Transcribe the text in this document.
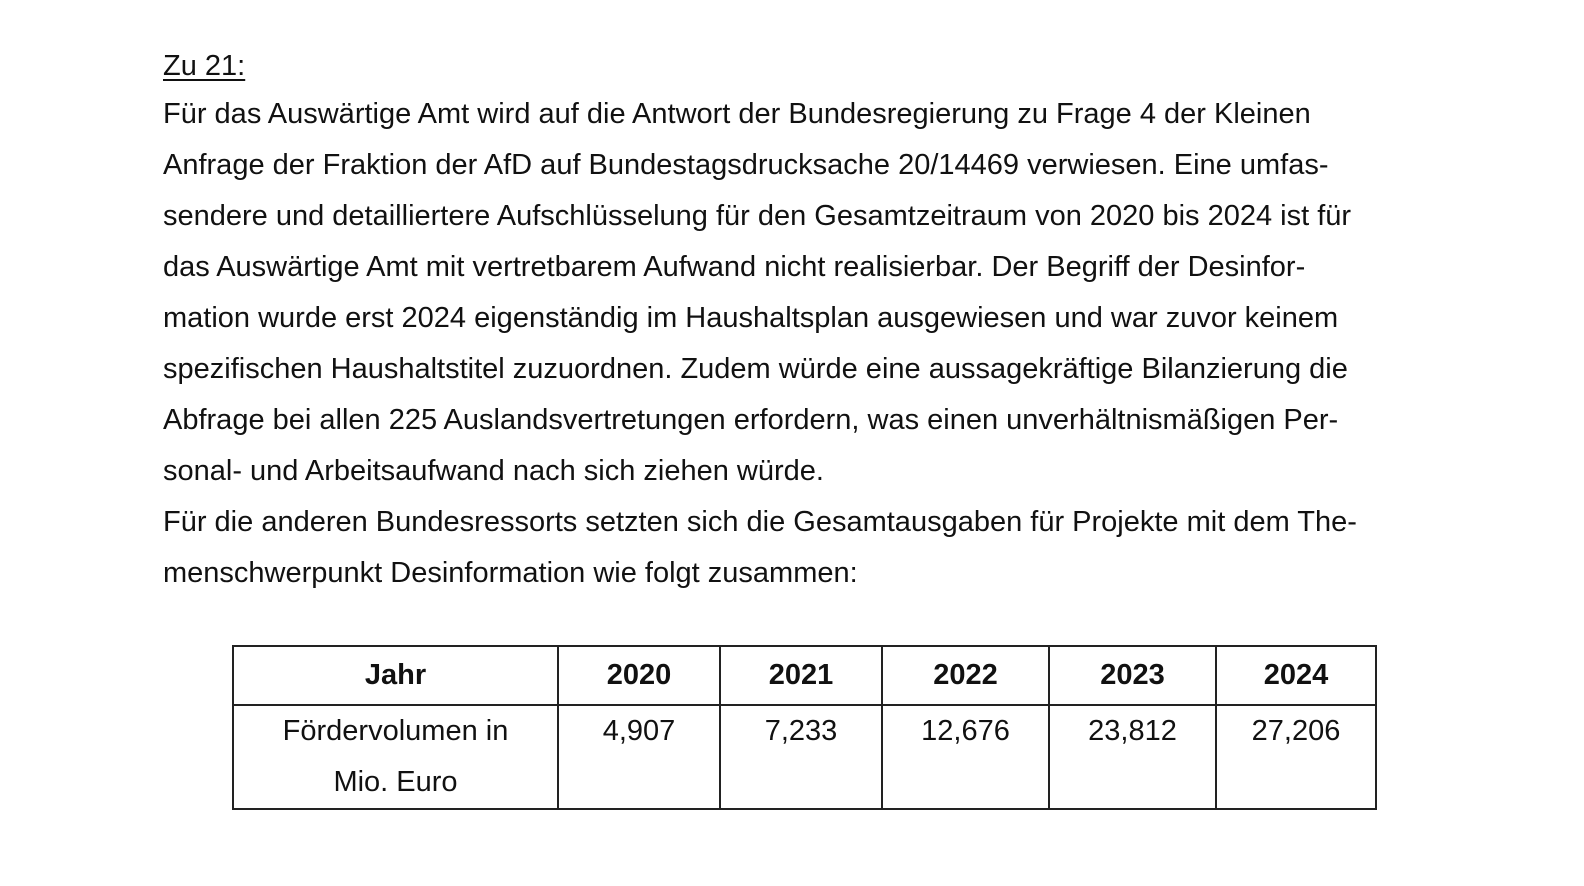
Zu 21:

Für das Auswärtige Amt wird auf die Antwort der Bundesregierung zu Frage 4 der Kleinen

Anfrage der Fraktion der AfD auf Bundestagsdrucksache 20/14469 verwiesen. Eine umfas-

sendere und detailliertere Aufschlüsselung für den Gesamtzeitraum von 2020 bis 2024 ist für

das Auswärtige Amt mit vertretbarem Aufwand nicht realisierbar. Der Begriff der Desinfor-

mation wurde erst 2024 eigenständig im Haushaltsplan ausgewiesen und war zuvor keinem

spezifischen Haushaltstitel zuzuordnen. Zudem würde eine aussagekräftige Bilanzierung die

Abfrage bei allen 225 Auslandsvertretungen erfordern, was einen unverhältnismäßigen Per-

sonal- und Arbeitsaufwand nach sich ziehen würde.

Für die anderen Bundesressorts setzten sich die Gesamtausgaben für Projekte mit dem The-

menschwerpunkt Desinformation wie folgt zusammen:

Jahr	2020	2021	2022	2023	2024

Fördervolumen in
Mio. Euro	4,907	7,233	12,676	23,812	27,206
